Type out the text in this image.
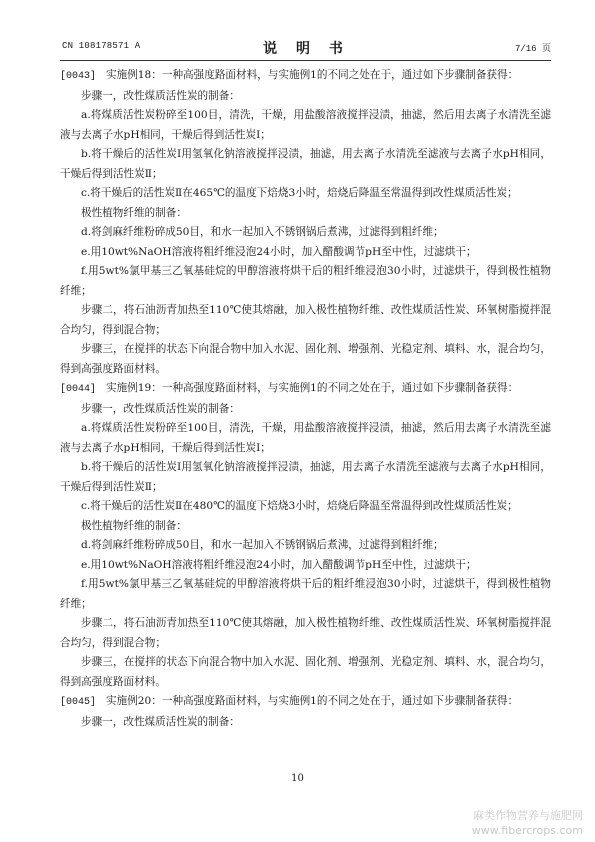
CN 108178571 A	说 明 书	7/16 页

[0043] 实施例18：一种高强度路面材料，与实施例1的不同之处在于，通过如下步骤制备获得：

步骤一，改性煤质活性炭的制备：

a.将煤质活性炭粉碎至100目，清洗，干燥，用盐酸溶液搅拌浸渍，抽滤，然后用去离子水清洗至滤液与去离子水pH相同，干燥后得到活性炭Ⅰ；

b.将干燥后的活性炭Ⅰ用氢氧化钠溶液搅拌浸渍，抽滤，用去离子水清洗至滤液与去离子水pH相同，干燥后得到活性炭Ⅱ；

c.将干燥后的活性炭Ⅱ在465℃的温度下焙烧3小时，焙烧后降温至常温得到改性煤质活性炭；

极性植物纤维的制备：

d.将剑麻纤维粉碎成50目，和水一起加入不锈钢锅后煮沸，过滤得到粗纤维；

e.用10wt%NaOH溶液将粗纤维浸泡24小时，加入醋酸调节pH至中性，过滤烘干；

f.用5wt%氯甲基三乙氧基硅烷的甲醇溶液将烘干后的粗纤维浸泡30小时，过滤烘干，得到极性植物纤维；

步骤二，将石油沥青加热至110℃使其熔融，加入极性植物纤维、改性煤质活性炭、环氧树脂搅拌混合均匀，得到混合物；

步骤三，在搅拌的状态下向混合物中加入水泥、固化剂、增强剂、光稳定剂、填料、水，混合均匀，得到高强度路面材料。

[0044] 实施例19：一种高强度路面材料，与实施例1的不同之处在于，通过如下步骤制备获得：

步骤一，改性煤质活性炭的制备：

a.将煤质活性炭粉碎至100目，清洗，干燥，用盐酸溶液搅拌浸渍，抽滤，然后用去离子水清洗至滤液与去离子水pH相同，干燥后得到活性炭Ⅰ；

b.将干燥后的活性炭Ⅰ用氢氧化钠溶液搅拌浸渍，抽滤，用去离子水清洗至滤液与去离子水pH相同，干燥后得到活性炭Ⅱ；

c.将干燥后的活性炭Ⅱ在480℃的温度下焙烧3小时，焙烧后降温至常温得到改性煤质活性炭；

极性植物纤维的制备：

d.将剑麻纤维粉碎成50目，和水一起加入不锈钢锅后煮沸，过滤得到粗纤维；

e.用10wt%NaOH溶液将粗纤维浸泡24小时，加入醋酸调节pH至中性，过滤烘干；

f.用5wt%氯甲基三乙氧基硅烷的甲醇溶液将烘干后的粗纤维浸泡30小时，过滤烘干，得到极性植物纤维；

步骤二，将石油沥青加热至110℃使其熔融，加入极性植物纤维、改性煤质活性炭、环氧树脂搅拌混合均匀，得到混合物；

步骤三，在搅拌的状态下向混合物中加入水泥、固化剂、增强剂、光稳定剂、填料、水，混合均匀，得到高强度路面材料。

[0045] 实施例20：一种高强度路面材料，与实施例1的不同之处在于，通过如下步骤制备获得：

步骤一，改性煤质活性炭的制备：

10
麻类作物营养与施肥网
www.fibercrops.com
